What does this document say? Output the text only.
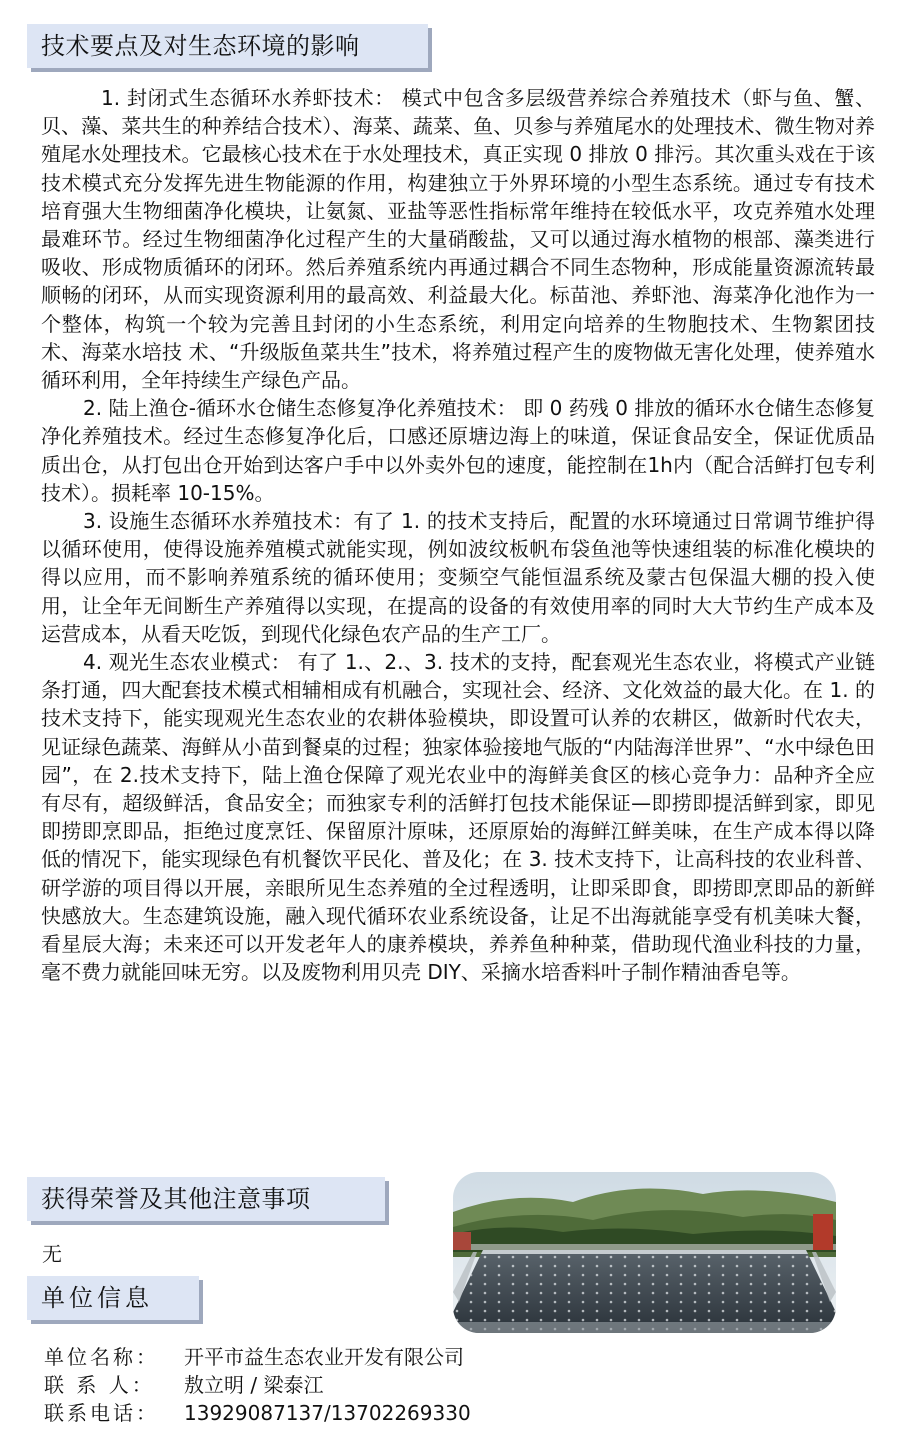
技术要点及对生态环境的影响

1. 封闭式生态循环水养虾技术： 模式中包含多层级营养综合养殖技术（虾与鱼、蟹、贝、藻、菜共生的种养结合技术）、海菜、蔬菜、鱼、贝参与养殖尾水的处理技术、微生物对养殖尾水处理技术。它最核心技术在于水处理技术，真正实现 0 排放 0 排污。其次重头戏在于该技术模式充分发挥先进生物能源的作用，构建独立于外界环境的小型生态系统。通过专有技术培育强大生物细菌净化模块，让氨氮、亚盐等恶性指标常年维持在较低水平，攻克养殖水处理最难环节。经过生物细菌净化过程产生的大量硝酸盐，又可以通过海水植物的根部、藻类进行吸收、形成物质循环的闭环。然后养殖系统内再通过耦合不同生态物种，形成能量资源流转最顺畅的闭环，从而实现资源利用的最高效、利益最大化。标苗池、养虾池、海菜净化池作为一个整体，构筑一个较为完善且封闭的小生态系统，利用定向培养的生物胞技术、生物絮团技术、海菜水培技 术、“升级版鱼菜共生”技术，将养殖过程产生的废物做无害化处理，使养殖水循环利用，全年持续生产绿色产品。

2. 陆上渔仓-循环水仓储生态修复净化养殖技术： 即 0 药残 0 排放的循环水仓储生态修复净化养殖技术。经过生态修复净化后，口感还原塘边海上的味道，保证食品安全，保证优质品质出仓，从打包出仓开始到达客户手中以外卖外包的速度，能控制在1h内（配合活鲜打包专利技术）。损耗率 10-15%。

3. 设施生态循环水养殖技术：有了 1. 的技术支持后，配置的水环境通过日常调节维护得以循环使用，使得设施养殖模式就能实现，例如波纹板帆布袋鱼池等快速组装的标准化模块的得以应用，而不影响养殖系统的循环使用；变频空气能恒温系统及蒙古包保温大棚的投入使用，让全年无间断生产养殖得以实现，在提高的设备的有效使用率的同时大大节约生产成本及运营成本，从看天吃饭，到现代化绿色农产品的生产工厂。

4. 观光生态农业模式： 有了 1.、2.、3. 技术的支持，配套观光生态农业，将模式产业链条打通，四大配套技术模式相辅相成有机融合，实现社会、经济、文化效益的最大化。在 1. 的技术支持下，能实现观光生态农业的农耕体验模块，即设置可认养的农耕区，做新时代农夫，见证绿色蔬菜、海鲜从小苗到餐桌的过程；独家体验接地气版的“内陆海洋世界”、“水中绿色田园”，在 2.技术支持下，陆上渔仓保障了观光农业中的海鲜美食区的核心竞争力：品种齐全应有尽有，超级鲜活，食品安全；而独家专利的活鲜打包技术能保证—即捞即提活鲜到家，即见即捞即烹即品，拒绝过度烹饪、保留原汁原味，还原原始的海鲜江鲜美味，在生产成本得以降低的情况下，能实现绿色有机餐饮平民化、普及化；在 3. 技术支持下，让高科技的农业科普、研学游的项目得以开展，亲眼所见生态养殖的全过程透明，让即采即食，即捞即烹即品的新鲜快感放大。生态建筑设施，融入现代循环农业系统设备，让足不出海就能享受有机美味大餐，看星辰大海；未来还可以开发老年人的康养模块，养养鱼种种菜，借助现代渔业科技的力量，毫不费力就能回味无穷。以及废物利用贝壳 DIY、采摘水培香料叶子制作精油香皂等。

获得荣誉及其他注意事项
无
单位信息
单位名称： 开平市益生态农业开发有限公司
联 系 人： 敖立明 / 梁泰江
联系电话： 13929087137/13702269330
